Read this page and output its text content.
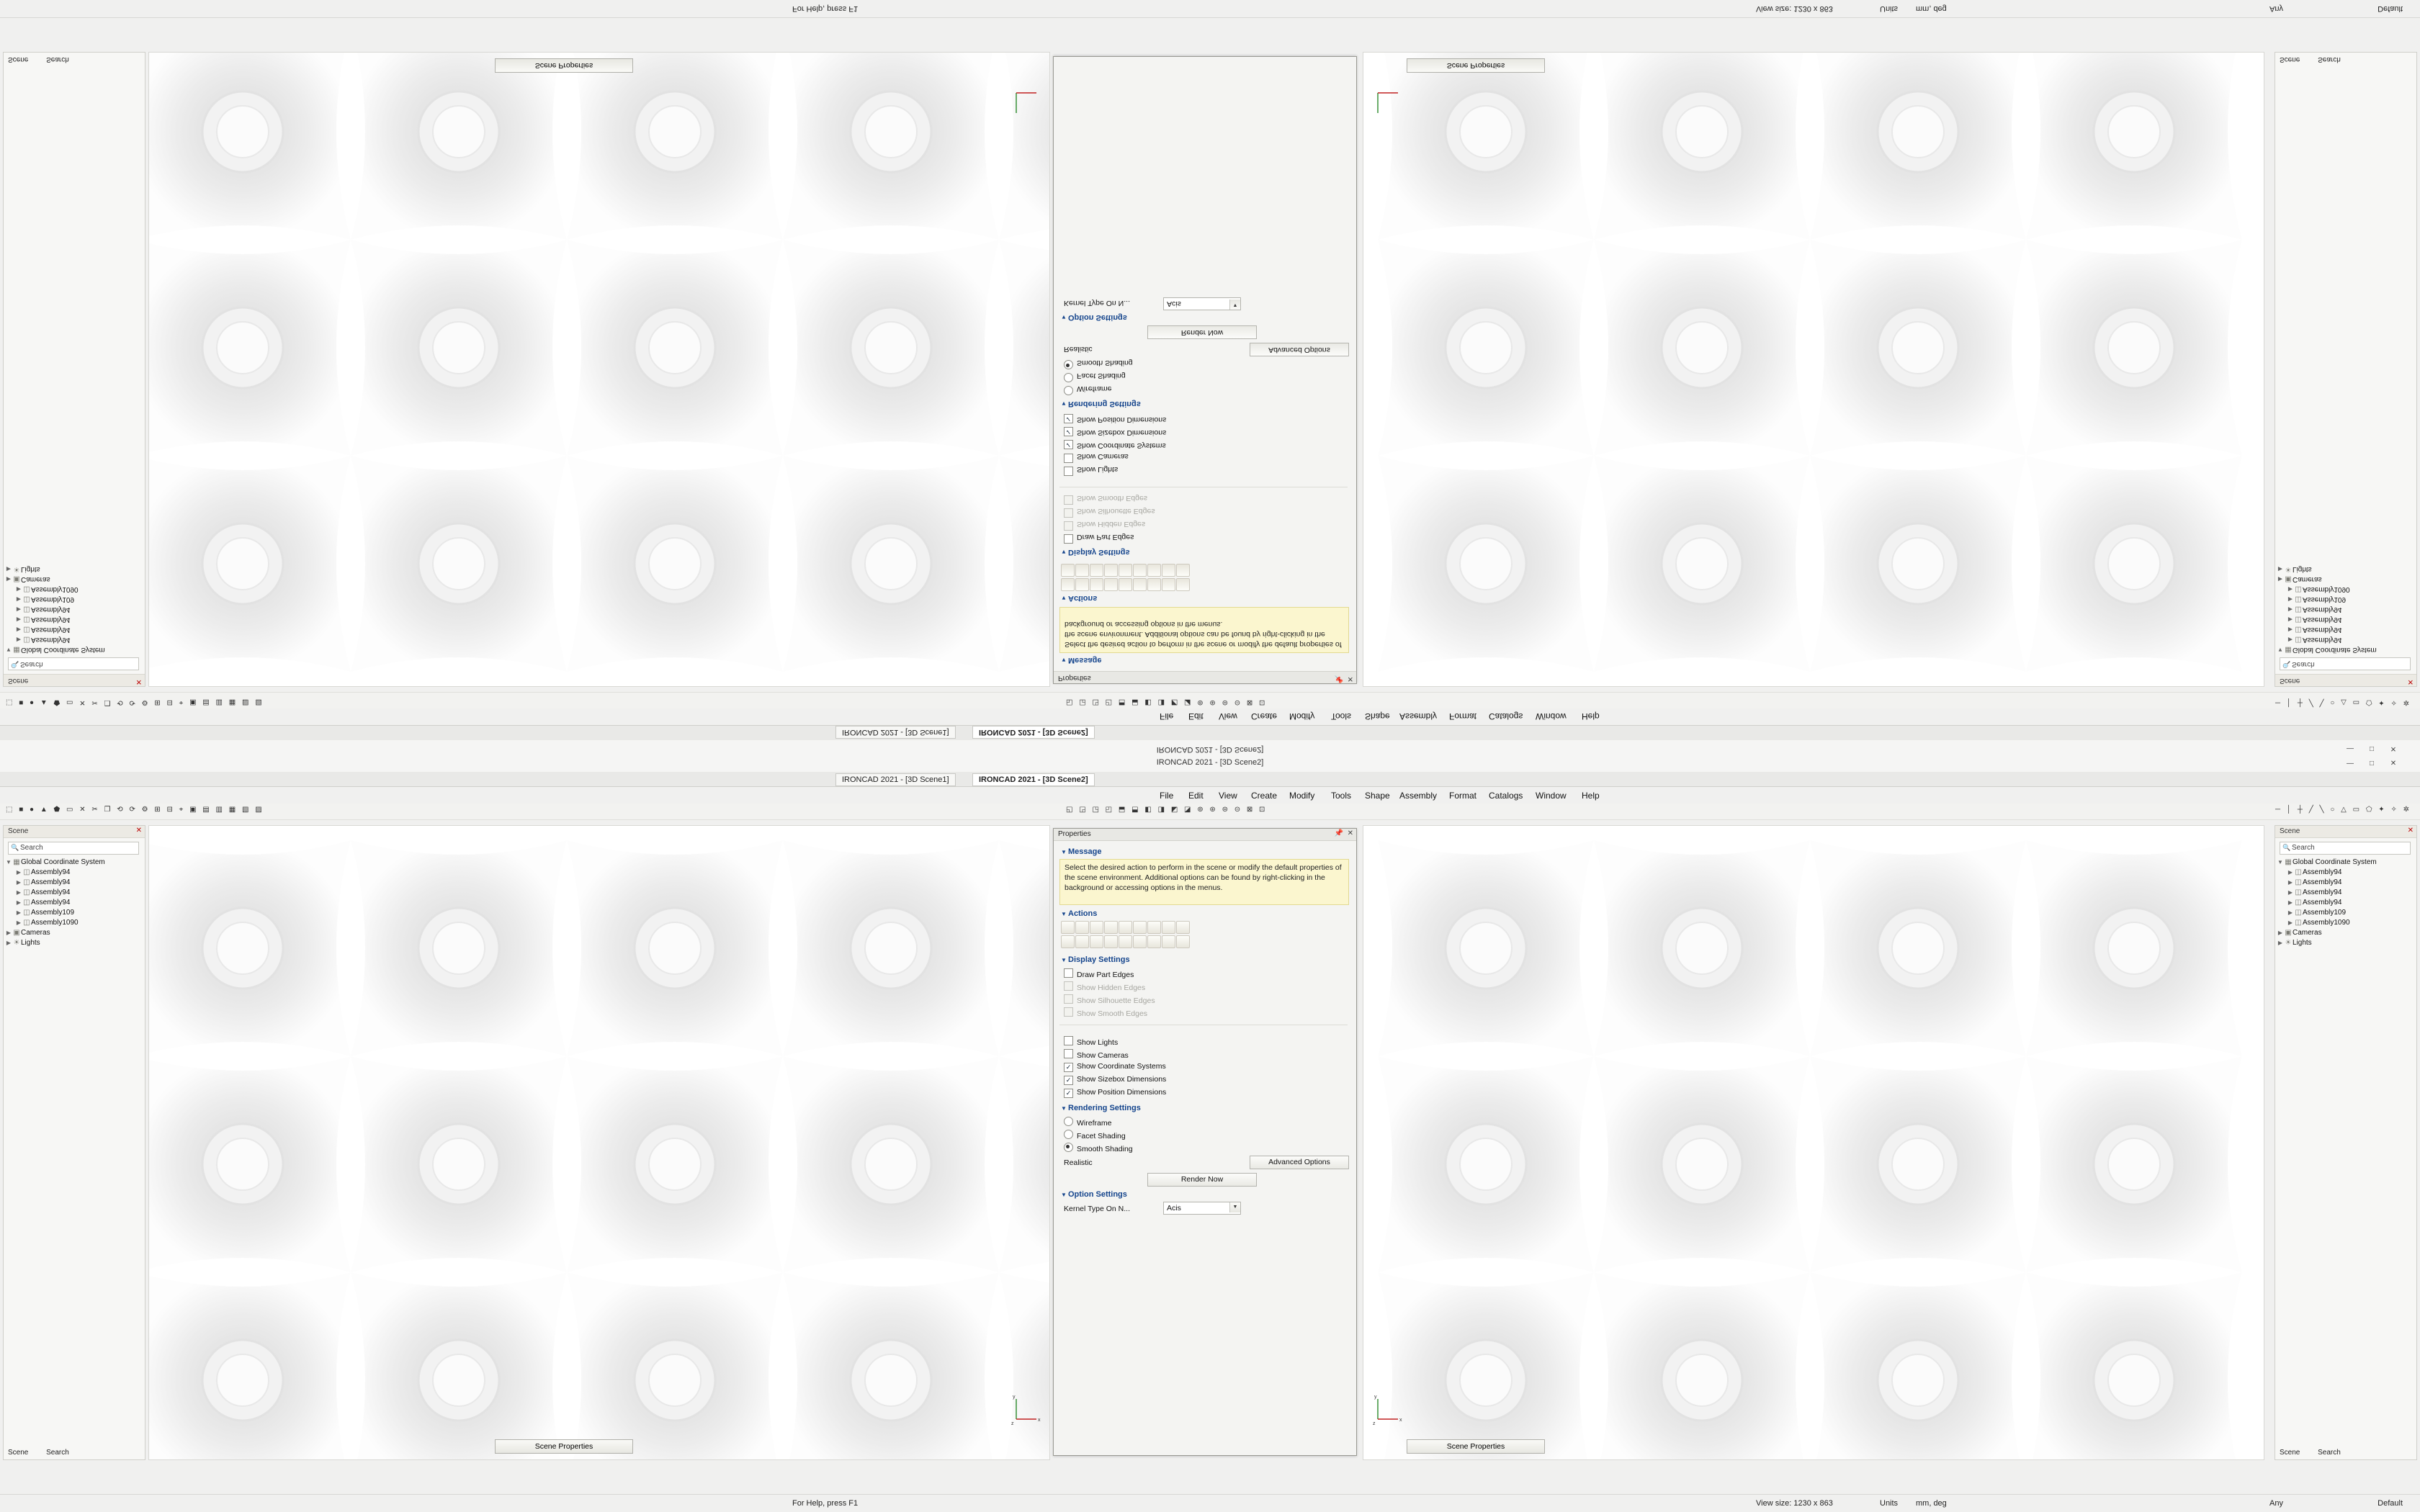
IRONCAD 2021 - [3D Scene2]	—	□	✕
IRONCAD 2021 - [3D Scene1]	IRONCAD 2021 - [3D Scene2]
File Edit View Create Modify Tools Shape Assembly Format Catalogs Window Help
⬚ ■ ● ▲ ⬟ ▭ ✕ ✂ ❐ ⟲ ⟳ ⚙ ⊞ ⊟ ⌖ ▣ ▤ ▥ ▦ ▧ ▨	◱ ◲ ◳ ◰ ⬒ ⬓ ◧ ◨ ◩ ◪ ⊚ ⊛ ⊜ ⊝ ⊠ ⊡	─ │ ┼ ╱ ╲ ○ △ ▭ ⬠ ✦ ✧ ✲
Scene	✕
🔍 Search
▼ ▦Global Coordinate System
▶ ◫Assembly94
▶ ◫Assembly94
▶ ◫Assembly94
▶ ◫Assembly94
▶ ◫Assembly109
▶ ◫Assembly1090
▶ ▣Cameras
▶ ☀ Lights
Scene Search
y
x
z
Scene Properties
Properties	📌 ✕
▼ Message

Select the desired action to perform in the scene or modify the default properties of the scene environment. Additional options can be found by right-clicking in the background or accessing options in the menus.

▼ Actions
▼ Display Settings
Draw Part Edges
Show Hidden Edges
Show Silhouette Edges
Show Smooth Edges
Show Lights
Show Cameras
✓Show Coordinate Systems
✓Show Sizebox Dimensions
✓Show Position Dimensions
▼ Rendering Settings
Wireframe
Facet Shading
Smooth Shading
Realistic	Advanced Options
Render Now
▼ Option Settings
Kernel Type On N...	Acis	▼
y
x
z
Scene Properties
Scene	✕
🔍 Search
▼ ▦Global Coordinate System
▶ ◫Assembly94
▶ ◫Assembly94
▶ ◫Assembly94
▶ ◫Assembly94
▶ ◫Assembly109
▶ ◫Assembly1090
▶ ▣Cameras
▶ ☀ Lights
Scene Search
For Help, press F1	View size: 1230 x 863	Units mm, deg	Any	Default
IRONCAD 2021 - [3D Scene2]	—	□	✕
IRONCAD 2021 - [3D Scene1]	IRONCAD 2021 - [3D Scene2]
File Edit View Create Modify Tools Shape Assembly Format Catalogs Window Help
⬚ ■ ● ▲ ⬟ ▭ ✕ ✂ ❐ ⟲ ⟳ ⚙ ⊞ ⊟ ⌖ ▣ ▤ ▥ ▦ ▧ ▨	◱ ◲ ◳ ◰ ⬒ ⬓ ◧ ◨ ◩ ◪ ⊚ ⊛ ⊜ ⊝ ⊠ ⊡	─ │ ┼ ╱ ╲ ○ △ ▭ ⬠ ✦ ✧ ✲
Scene	✕
🔍 Search
▼ ▦Global Coordinate System
▶ ◫Assembly94
▶ ◫Assembly94
▶ ◫Assembly94
▶ ◫Assembly94
▶ ◫Assembly109
▶ ◫Assembly1090
▶ ▣Cameras
▶ ☀ Lights
Scene Search
Scene Properties
Properties	📌 ✕
▼ Message

Select the desired action to perform in the scene or modify the default properties of the scene environment. Additional options can be found by right-clicking in the background or accessing options in the menus.

▼ Actions
▼ Display Settings
Draw Part Edges
Show Hidden Edges
Show Silhouette Edges
Show Smooth Edges
Show Lights
Show Cameras
✓Show Coordinate Systems
✓Show Sizebox Dimensions
✓Show Position Dimensions
▼ Rendering Settings
Wireframe
Facet Shading
Smooth Shading
Realistic	Advanced Options
Render Now
▼ Option Settings
Kernel Type On N...	Acis	▼
Scene Properties
Scene	✕
🔍 Search
▼ ▦Global Coordinate System
▶ ◫Assembly94
▶ ◫Assembly94
▶ ◫Assembly94
▶ ◫Assembly94
▶ ◫Assembly109
▶ ◫Assembly1090
▶ ▣Cameras
▶ ☀ Lights
Scene Search
For Help, press F1	View size: 1230 x 863	Units mm, deg	Any	Default
